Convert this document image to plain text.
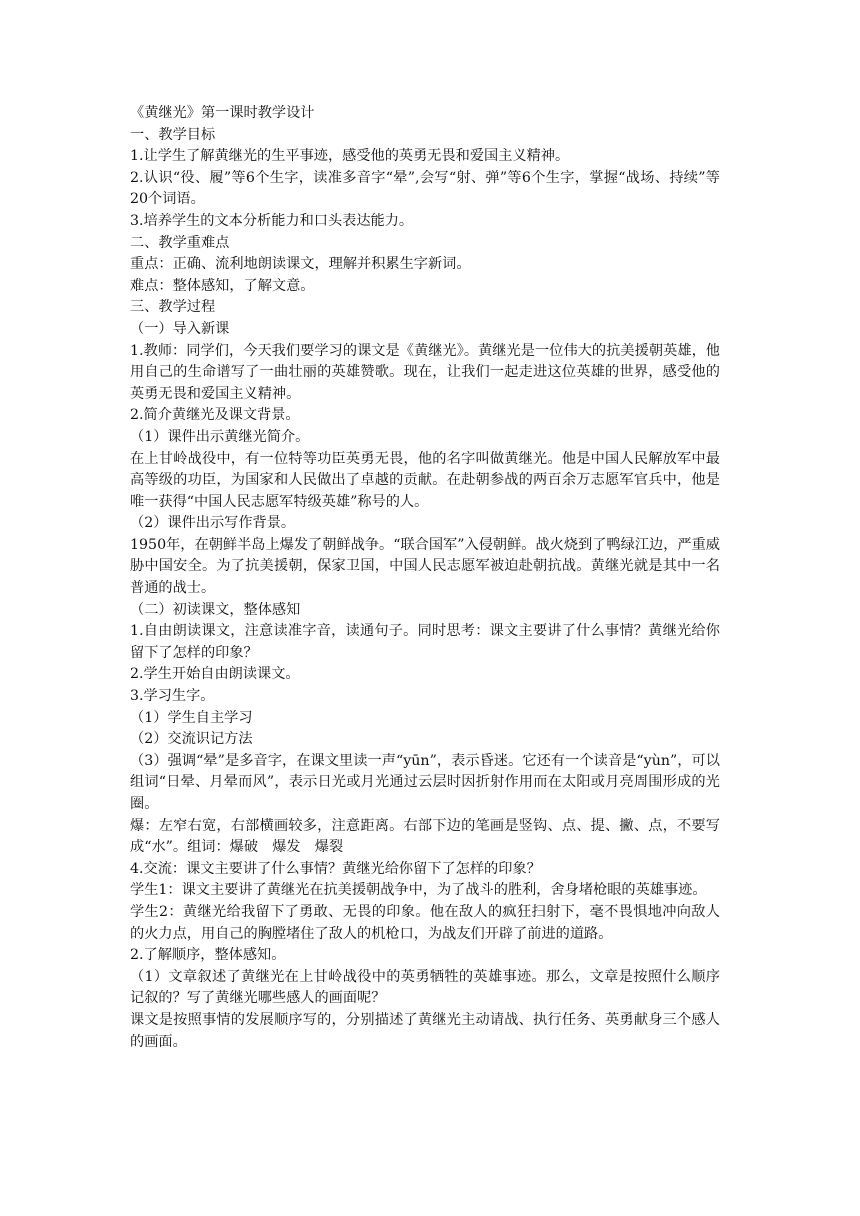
《黄继光》第一课时教学设计

一、教学目标

1.让学生了解黄继光的生平事迹，感受他的英勇无畏和爱国主义精神。

2.认识“役、履”等6个生字，读准多音字“晕”,会写“射、弹”等6个生字，掌握“战场、持续”等20个词语。

3.培养学生的文本分析能力和口头表达能力。

二、教学重难点

重点：正确、流利地朗读课文，理解并积累生字新词。

难点：整体感知，了解文意。

三、教学过程

（一）导入新课

1.教师：同学们，今天我们要学习的课文是《黄继光》。黄继光是一位伟大的抗美援朝英雄，他用自己的生命谱写了一曲壮丽的英雄赞歌。现在，让我们一起走进这位英雄的世界，感受他的英勇无畏和爱国主义精神。

2.简介黄继光及课文背景。

（1）课件出示黄继光简介。

在上甘岭战役中，有一位特等功臣英勇无畏，他的名字叫做黄继光。他是中国人民解放军中最高等级的功臣，为国家和人民做出了卓越的贡献。在赴朝参战的两百余万志愿军官兵中，他是唯一获得“中国人民志愿军特级英雄”称号的人。

（2）课件出示写作背景。

1950年，在朝鲜半岛上爆发了朝鲜战争。“联合国军”入侵朝鲜。战火烧到了鸭绿江边，严重威胁中国安全。为了抗美援朝，保家卫国，中国人民志愿军被迫赴朝抗战。黄继光就是其中一名普通的战士。

（二）初读课文，整体感知

1.自由朗读课文，注意读准字音，读通句子。同时思考：课文主要讲了什么事情？黄继光给你留下了怎样的印象？

2.学生开始自由朗读课文。

3.学习生字。

（1）学生自主学习

（2）交流识记方法

（3）强调“晕”是多音字，在课文里读一声“yūn”，表示昏迷。它还有一个读音是“yùn”，可以组词“日晕、月晕而风”，表示日光或月光通过云层时因折射作用而在太阳或月亮周围形成的光圈。

爆：左窄右宽，右部横画较多，注意距离。右部下边的笔画是竖钩、点、提、撇、点，不要写成“水”。组词：爆破　爆发　爆裂

4.交流：课文主要讲了什么事情？黄继光给你留下了怎样的印象？

学生1：课文主要讲了黄继光在抗美援朝战争中，为了战斗的胜利，舍身堵枪眼的英雄事迹。

学生2：黄继光给我留下了勇敢、无畏的印象。他在敌人的疯狂扫射下，毫不畏惧地冲向敌人的火力点，用自己的胸膛堵住了敌人的机枪口，为战友们开辟了前进的道路。

2.了解顺序，整体感知。

（1）文章叙述了黄继光在上甘岭战役中的英勇牺牲的英雄事迹。那么，文章是按照什么顺序记叙的？写了黄继光哪些感人的画面呢？

课文是按照事情的发展顺序写的，分别描述了黄继光主动请战、执行任务、英勇献身三个感人的画面。
